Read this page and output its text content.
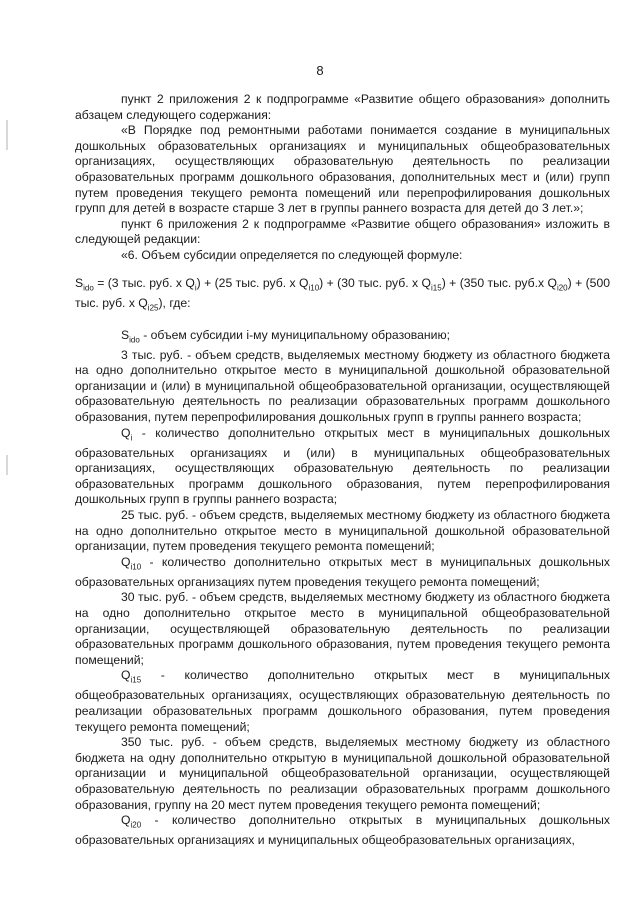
8

пункт 2 приложения 2 к подпрограмме «Развитие общего образования» дополнить абзацем следующего содержания:

«В Порядке под ремонтными работами понимается создание в муниципальных дошкольных образовательных организациях и муниципальных общеобразовательных организациях, осуществляющих образовательную деятельность по реализации образовательных программ дошкольного образования, дополнительных мест и (или) групп путем проведения текущего ремонта помещений или перепрофилирования дошкольных групп для детей в возрасте старше 3 лет в группы раннего возраста для детей до 3 лет.»;

пункт 6 приложения 2 к подпрограмме «Развитие общего образования» изложить в следующей редакции:

«6. Объем субсидии определяется по следующей формуле:

$S_{ido} = (3$ тыс. руб. x $Q_i) + (25$ тыс. руб. x $Q_{i10}) + (30$ тыс. руб. x $Q_{i15}) + (350$ тыс. руб.x $Q_{i20}) + (500$ тыс. руб. x $Q_{i25}$), где:

$S_{ido}$ - объем субсидии i-му муниципальному образованию;

3 тыс. руб. - объем средств, выделяемых местному бюджету из областного бюджета на одно дополнительно открытое место в муниципальной дошкольной образовательной организации и (или) в муниципальной общеобразовательной организации, осуществляющей образовательную деятельность по реализации образовательных программ дошкольного образования, путем перепрофилирования дошкольных групп в группы раннего возраста;

$Q_i$ - количество дополнительно открытых мест в муниципальных дошкольных образовательных организациях и (или) в муниципальных общеобразовательных организациях, осуществляющих образовательную деятельность по реализации образовательных программ дошкольного образования, путем перепрофилирования дошкольных групп в группы раннего возраста;

25 тыс. руб. - объем средств, выделяемых местному бюджету из областного бюджета на одно дополнительно открытое место в муниципальной дошкольной образовательной организации, путем проведения текущего ремонта помещений;

$Q_{i10}$ - количество дополнительно открытых мест в муниципальных дошкольных образовательных организациях путем проведения текущего ремонта помещений;

30 тыс. руб. - объем средств, выделяемых местному бюджету из областного бюджета на одно дополнительно открытое место в муниципальной общеобразовательной организации, осуществляющей образовательную деятельность по реализации образовательных программ дошкольного образования, путем проведения текущего ремонта помещений;

$Q_{i15}$ - количество дополнительно открытых мест в муниципальных общеобразовательных организациях, осуществляющих образовательную деятельность по реализации образовательных программ дошкольного образования, путем проведения текущего ремонта помещений;

350 тыс. руб. - объем средств, выделяемых местному бюджету из областного бюджета на одну дополнительно открытую в муниципальной дошкольной образовательной организации и муниципальной общеобразовательной организации, осуществляющей образовательную деятельность по реализации образовательных программ дошкольного образования, группу на 20 мест путем проведения текущего ремонта помещений;

$Q_{i20}$ - количество дополнительно открытых в муниципальных дошкольных образовательных организациях и муниципальных общеобразовательных организациях,
